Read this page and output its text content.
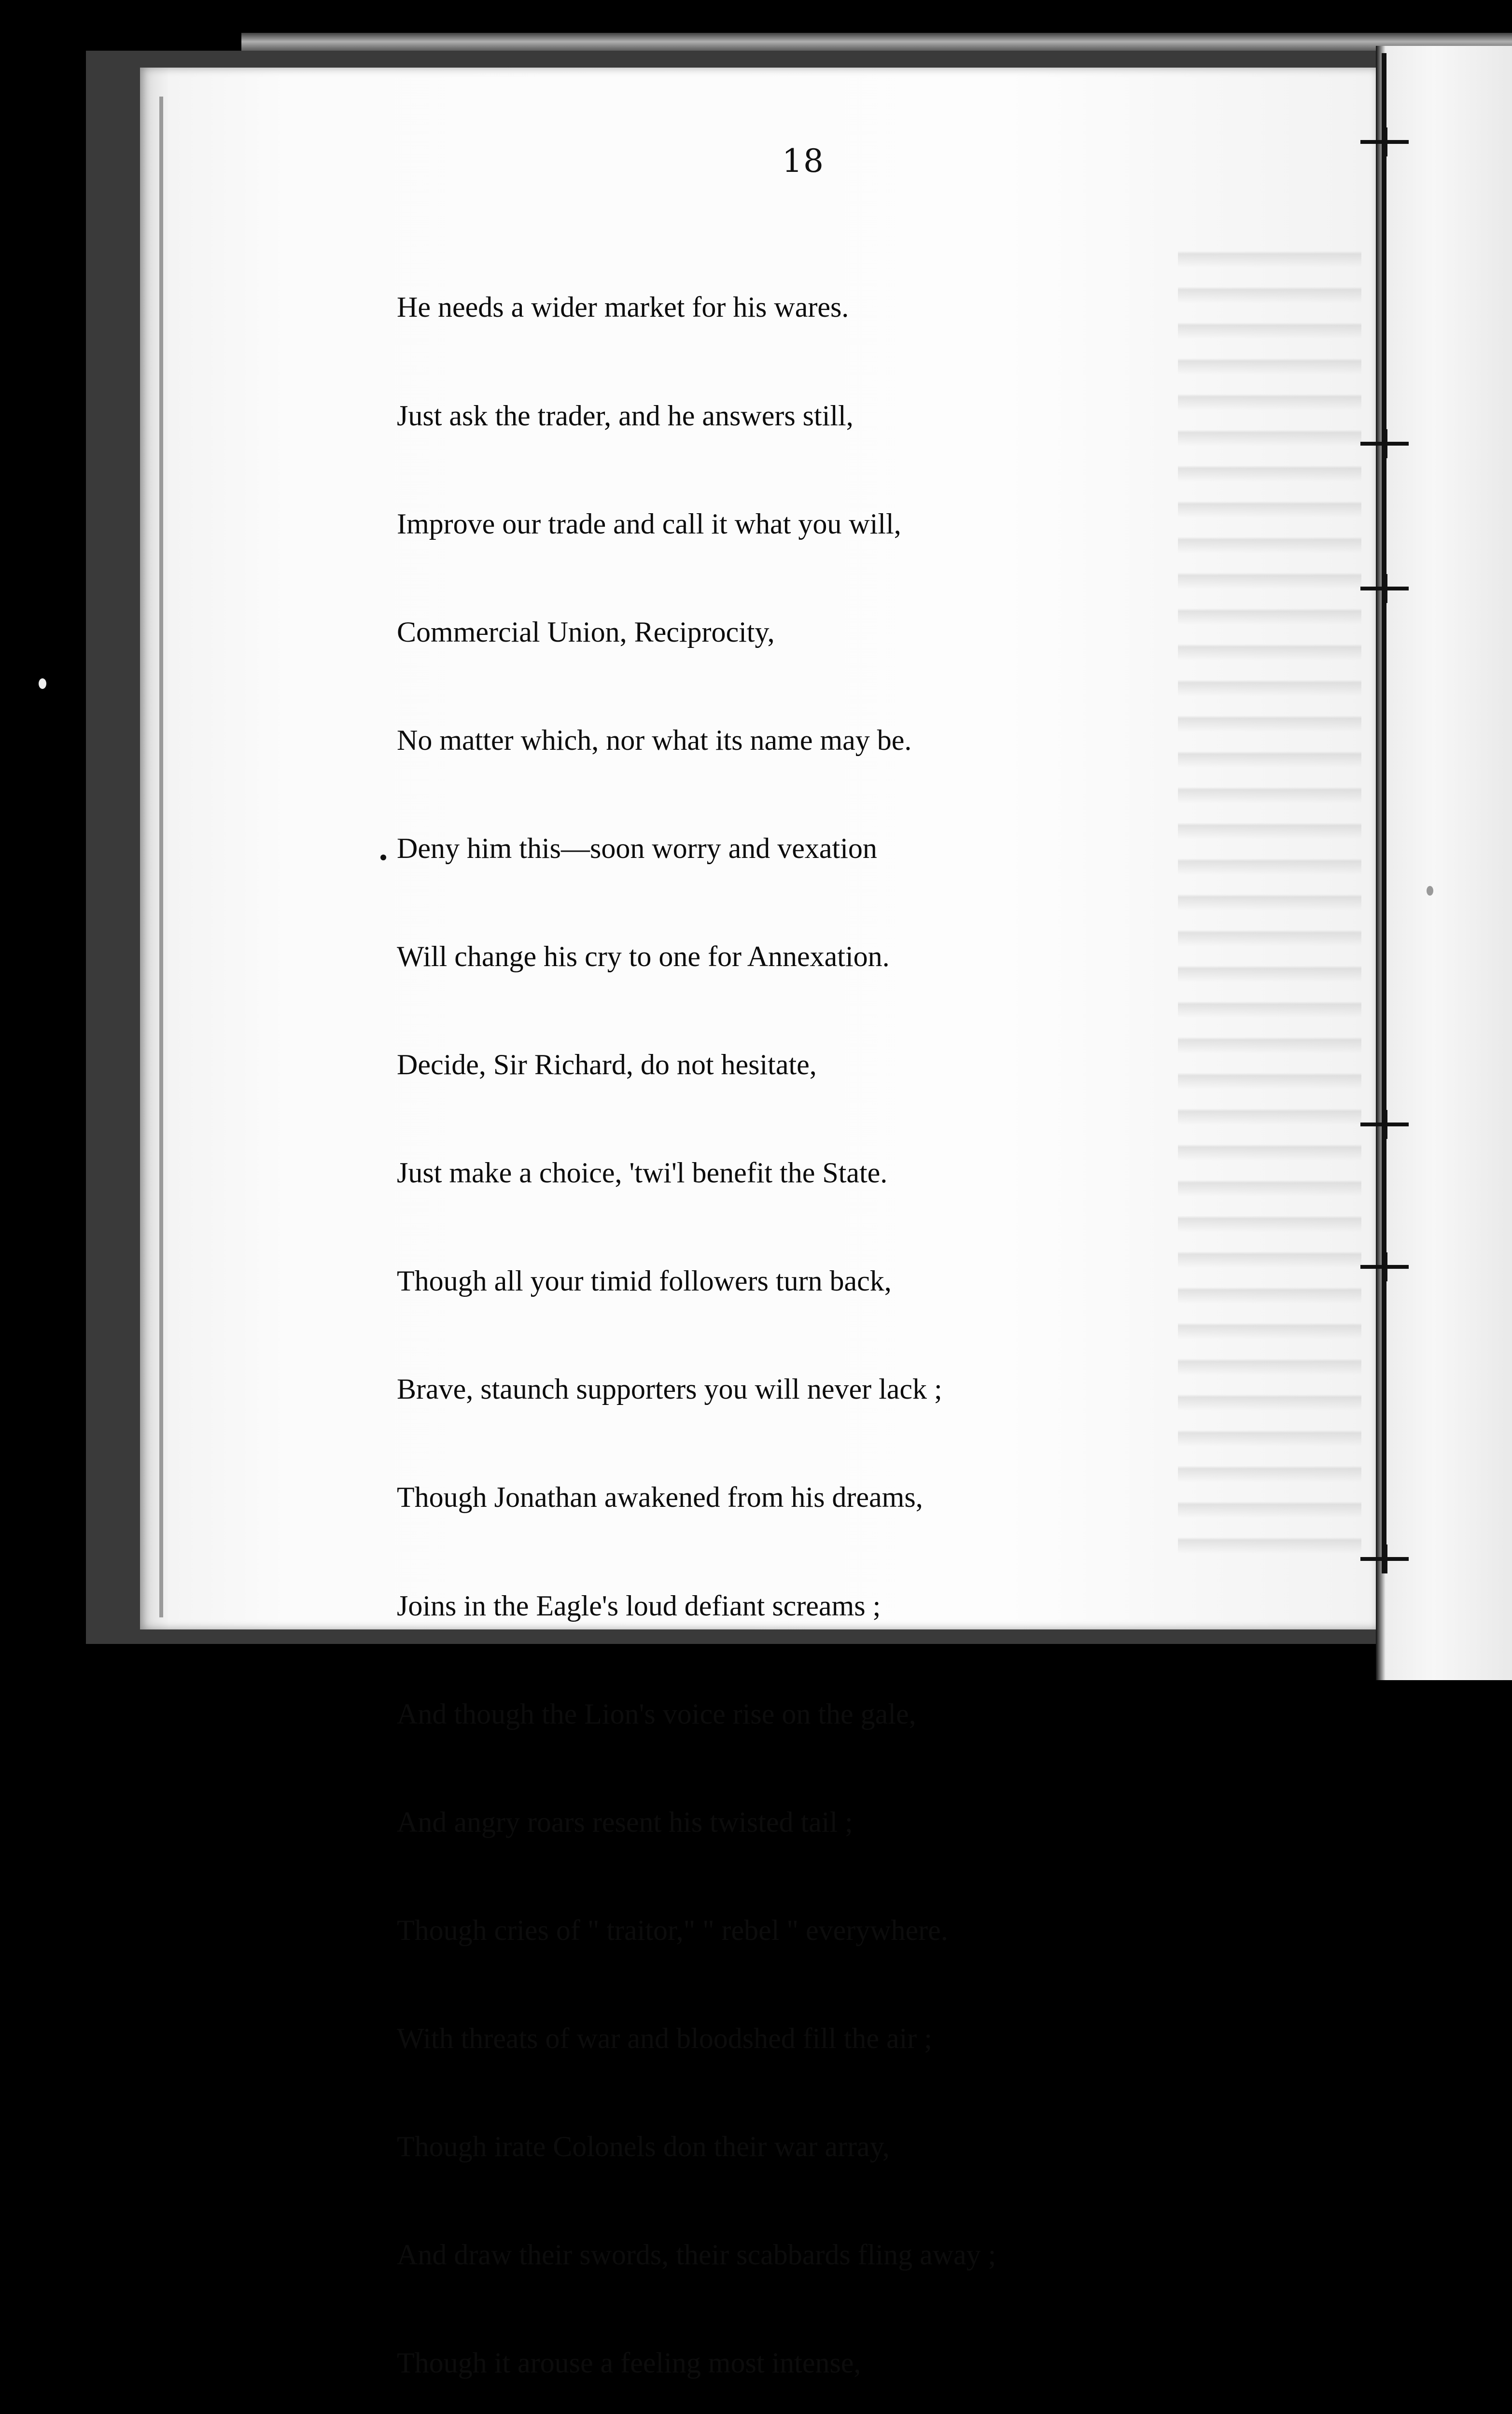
18

He needs a wider market for his wares.

Just ask the trader, and he answers still,

Improve our trade and call it what you will,

Commercial Union, Reciprocity,

No matter which, nor what its name may be.

Deny him this—soon worry and vexation

Will change his cry to one for Annexation.

Decide, Sir Richard, do not hesitate,

Just make a choice, 'twi'l benefit the State.

Though all your timid followers turn back,

Brave, staunch supporters you will never lack ;

Though Jonathan awakened from his dreams,

Joins in the Eagle's loud defiant screams ;

And though the Lion's voice rise on the gale,

And angry roars resent his twisted tail ;

Though cries of " traitor," " rebel " everywhere.

With threats of war and bloodshed fill the air ;

Though irate Colonels don their war array,

And draw their swords, their scabbards fling away ;

Though it arouse a feeling most intense,
